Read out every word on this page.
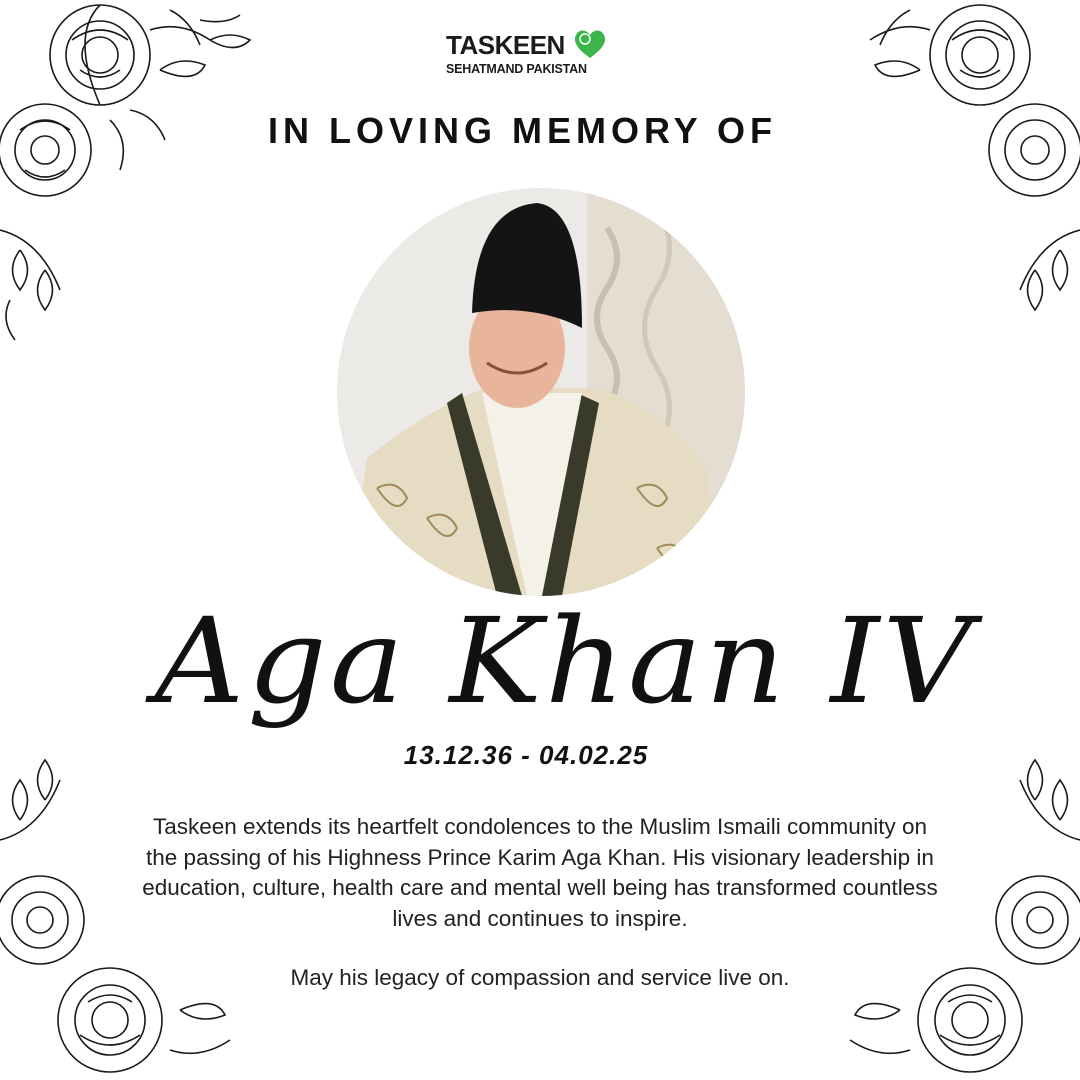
TASKEEN
SEHATMAND PAKISTAN
IN LOVING MEMORY OF
Aga Khan IV
13.12.36 - 04.02.25
Taskeen extends its heartfelt condolences to the Muslim Ismaili community on the passing of his Highness Prince Karim Aga Khan. His visionary leadership in education, culture, health care and mental well being has transformed countless lives and continues to inspire.
May his legacy of compassion and service live on.
